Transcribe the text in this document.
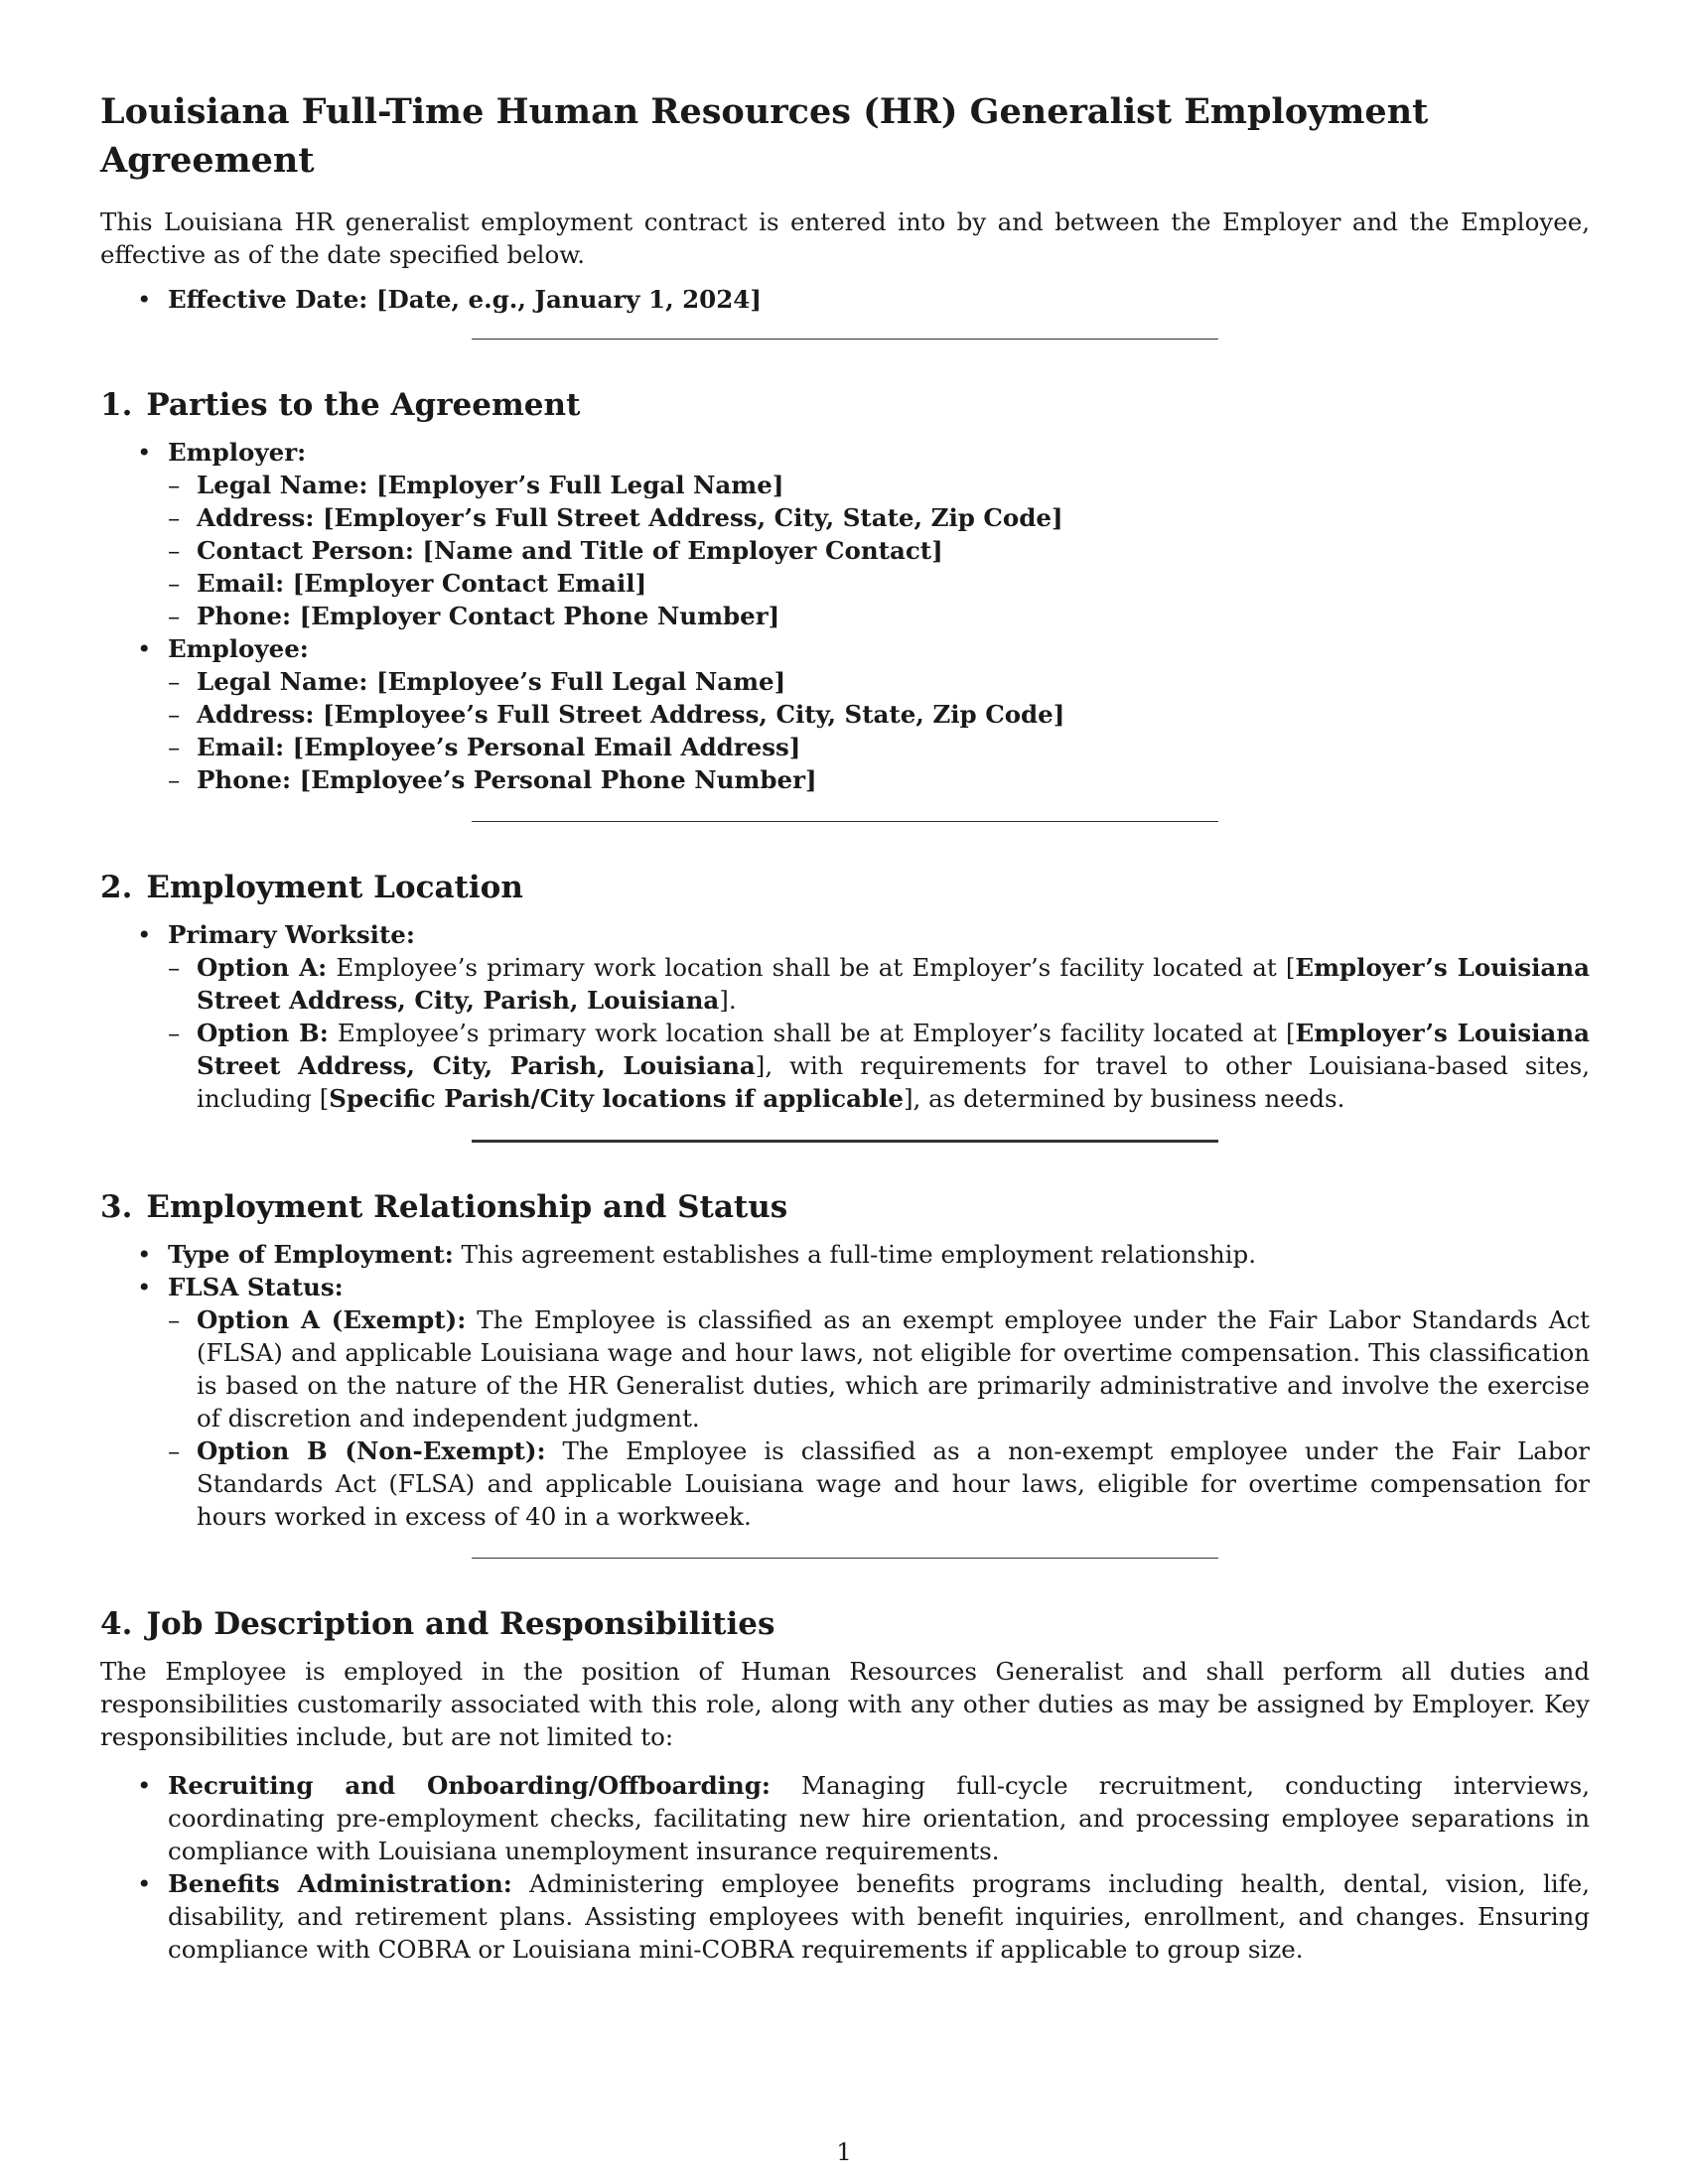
Louisiana Full-Time Human Resources (HR) Generalist Employment Agreement

This Louisiana HR generalist employment contract is entered into by and between the Employer and the Employee, effective as of the date specified below.

• Effective Date: [Date, e.g., January 1, 2024]
1. Parties to the Agreement
• Employer:
– Legal Name: [Employer’s Full Legal Name]
– Address: [Employer’s Full Street Address, City, State, Zip Code]
– Contact Person: [Name and Title of Employer Contact]
– Email: [Employer Contact Email]
– Phone: [Employer Contact Phone Number]
• Employee:
– Legal Name: [Employee’s Full Legal Name]
– Address: [Employee’s Full Street Address, City, State, Zip Code]
– Email: [Employee’s Personal Email Address]
– Phone: [Employee’s Personal Phone Number]
2. Employment Location
• Primary Worksite:
– Option A: Employee’s primary work location shall be at Employer’s facility located at [Employer’s Louisiana Street Address, City, Parish, Louisiana].
– Option B: Employee’s primary work location shall be at Employer’s facility located at [Employer’s Louisiana Street Address, City, Parish, Louisiana], with requirements for travel to other Louisiana-based sites, including [Specific Parish/City locations if applicable], as determined by business needs.
3. Employment Relationship and Status
• Type of Employment: This agreement establishes a full-time employment relationship.
• FLSA Status:
– Option A (Exempt): The Employee is classified as an exempt employee under the Fair Labor Standards Act (FLSA) and applicable Louisiana wage and hour laws, not eligible for overtime compensation. This classification is based on the nature of the HR Generalist duties, which are primarily administrative and involve the exercise of discretion and independent judgment.
– Option B (Non-Exempt): The Employee is classified as a non-exempt employee under the Fair Labor Standards Act (FLSA) and applicable Louisiana wage and hour laws, eligible for overtime compensation for hours worked in excess of 40 in a workweek.
4. Job Description and Responsibilities

The Employee is employed in the position of Human Resources Generalist and shall perform all duties and responsibilities customarily associated with this role, along with any other duties as may be assigned by Employer. Key responsibilities include, but are not limited to:

• Recruiting and Onboarding/Offboarding: Managing full-cycle recruitment, conducting interviews, coordinating pre-employment checks, facilitating new hire orientation, and processing employee separations in compliance with Louisiana unemployment insurance requirements.
• Benefits Administration: Administering employee benefits programs including health, dental, vision, life, disability, and retirement plans. Assisting employees with benefit inquiries, enrollment, and changes. Ensuring compliance with COBRA or Louisiana mini-COBRA requirements if applicable to group size.
1
